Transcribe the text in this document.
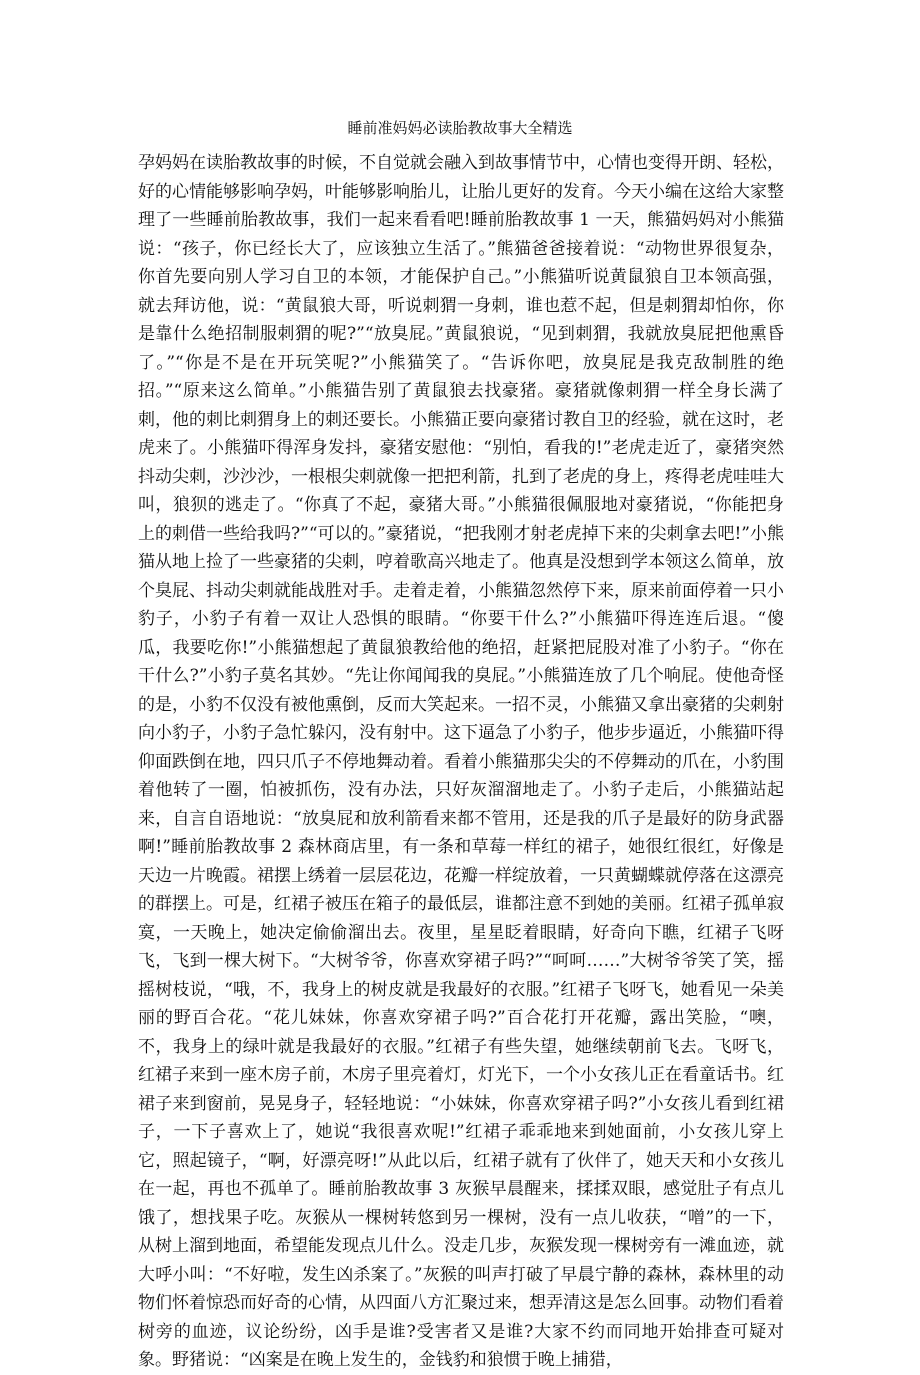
睡前准妈妈必读胎教故事大全精选

孕妈妈在读胎教故事的时候，不自觉就会融入到故事情节中，心情也变得开朗、轻松，好的心情能够影响孕妈，叶能够影响胎儿，让胎儿更好的发育。今天小编在这给大家整理了一些睡前胎教故事，我们一起来看看吧!睡前胎教故事 1 一天，熊猫妈妈对小熊猫说：“孩子，你已经长大了，应该独立生活了。”熊猫爸爸接着说：“动物世界很复杂，你首先要向别人学习自卫的本领，才能保护自己。”小熊猫听说黄鼠狼自卫本领高强，就去拜访他，说：“黄鼠狼大哥，听说刺猬一身刺，谁也惹不起，但是刺猬却怕你，你是靠什么绝招制服刺猬的呢?”“放臭屁。”黄鼠狼说，“见到刺猬，我就放臭屁把他熏昏了。”“你是不是在开玩笑呢?”小熊猫笑了。“告诉你吧，放臭屁是我克敌制胜的绝招。”“原来这么简单。”小熊猫告别了黄鼠狼去找豪猪。豪猪就像刺猬一样全身长满了刺，他的刺比刺猬身上的刺还要长。小熊猫正要向豪猪讨教自卫的经验，就在这时，老虎来了。小熊猫吓得浑身发抖，豪猪安慰他：“别怕，看我的!”老虎走近了，豪猪突然抖动尖刺，沙沙沙，一根根尖刺就像一把把利箭，扎到了老虎的身上，疼得老虎哇哇大叫，狼狈的逃走了。“你真了不起，豪猪大哥。”小熊猫很佩服地对豪猪说，“你能把身上的刺借一些给我吗?”“可以的。”豪猪说，“把我刚才射老虎掉下来的尖刺拿去吧!”小熊猫从地上捡了一些豪猪的尖刺，哼着歌高兴地走了。他真是没想到学本领这么简单，放个臭屁、抖动尖刺就能战胜对手。走着走着，小熊猫忽然停下来，原来前面停着一只小豹子，小豹子有着一双让人恐惧的眼睛。“你要干什么?”小熊猫吓得连连后退。“傻瓜，我要吃你!”小熊猫想起了黄鼠狼教给他的绝招，赶紧把屁股对准了小豹子。“你在干什么?”小豹子莫名其妙。“先让你闻闻我的臭屁。”小熊猫连放了几个响屁。使他奇怪的是，小豹不仅没有被他熏倒，反而大笑起来。一招不灵，小熊猫又拿出豪猪的尖刺射向小豹子，小豹子急忙躲闪，没有射中。这下逼急了小豹子，他步步逼近，小熊猫吓得仰面跌倒在地，四只爪子不停地舞动着。看着小熊猫那尖尖的不停舞动的爪在，小豹围着他转了一圈，怕被抓伤，没有办法，只好灰溜溜地走了。小豹子走后，小熊猫站起来，自言自语地说：“放臭屁和放利箭看来都不管用，还是我的爪子是最好的防身武器啊!”睡前胎教故事 2 森林商店里，有一条和草莓一样红的裙子，她很红很红，好像是天边一片晚霞。裙摆上绣着一层层花边，花瓣一样绽放着，一只黄蝴蝶就停落在这漂亮的群摆上。可是，红裙子被压在箱子的最低层，谁都注意不到她的美丽。红裙子孤单寂寞，一天晚上，她决定偷偷溜出去。夜里，星星眨着眼睛，好奇向下瞧，红裙子飞呀飞，飞到一棵大树下。“大树爷爷，你喜欢穿裙子吗?”“呵呵……”大树爷爷笑了笑，摇摇树枝说，“哦，不，我身上的树皮就是我最好的衣服。”红裙子飞呀飞，她看见一朵美丽的野百合花。“花儿妹妹，你喜欢穿裙子吗?”百合花打开花瓣，露出笑脸，“噢，不，我身上的绿叶就是我最好的衣服。”红裙子有些失望，她继续朝前飞去。飞呀飞，红裙子来到一座木房子前，木房子里亮着灯，灯光下，一个小女孩儿正在看童话书。红裙子来到窗前，晃晃身子，轻轻地说：“小妹妹，你喜欢穿裙子吗?”小女孩儿看到红裙子，一下子喜欢上了，她说“我很喜欢呢!”红裙子乖乖地来到她面前，小女孩儿穿上它，照起镜子，“啊，好漂亮呀!”从此以后，红裙子就有了伙伴了，她天天和小女孩儿在一起，再也不孤单了。睡前胎教故事 3 灰猴早晨醒来，揉揉双眼，感觉肚子有点儿饿了，想找果子吃。灰猴从一棵树转悠到另一棵树，没有一点儿收获，“噌”的一下，从树上溜到地面，希望能发现点儿什么。没走几步，灰猴发现一棵树旁有一滩血迹，就大呼小叫：“不好啦，发生凶杀案了。”灰猴的叫声打破了早晨宁静的森林，森林里的动物们怀着惊恐而好奇的心情，从四面八方汇聚过来，想弄清这是怎么回事。动物们看着树旁的血迹，议论纷纷，凶手是谁?受害者又是谁?大家不约而同地开始排查可疑对象。野猪说：“凶案是在晚上发生的，金钱豹和狼惯于晚上捕猎，
